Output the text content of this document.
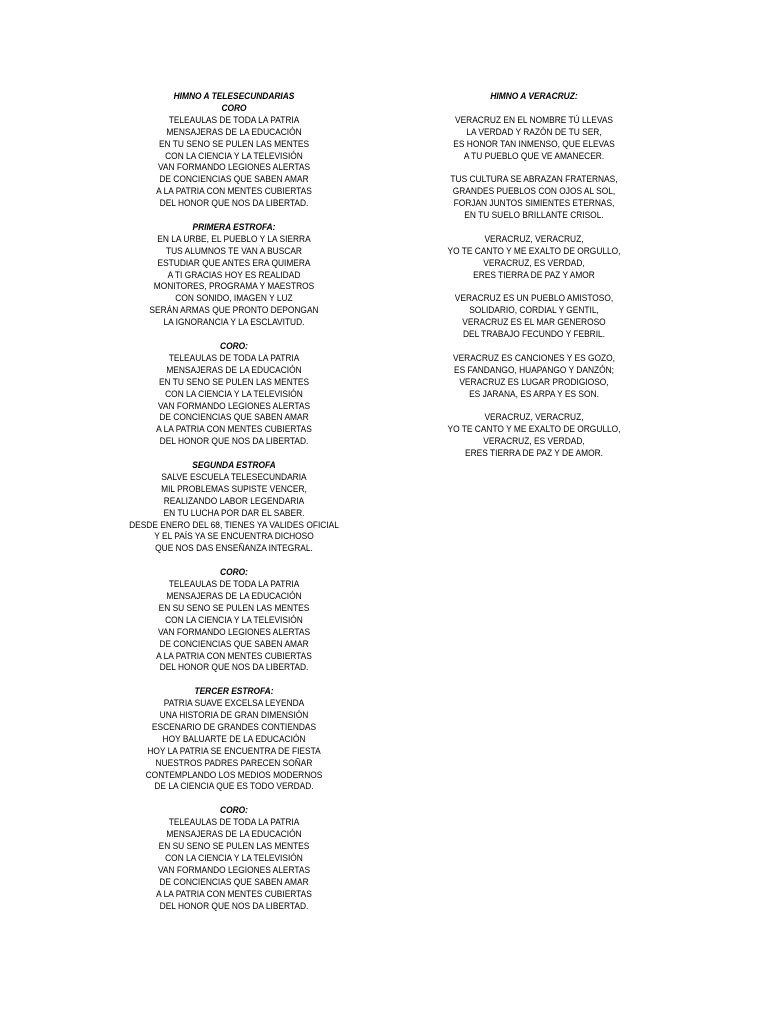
HIMNO A TELESECUNDARIAS
CORO
TELEAULAS DE TODA LA PATRIA
MENSAJERAS DE LA EDUCACIÓN
EN TU SENO SE PULEN LAS MENTES
CON LA CIENCIA Y LA TELEVISIÓN
VAN FORMANDO LEGIONES ALERTAS
DE CONCIENCIAS QUE SABEN AMAR
A LA PATRIA CON MENTES CUBIERTAS
DEL HONOR QUE NOS DA LIBERTAD.
PRIMERA ESTROFA:
EN LA URBE, EL PUEBLO Y LA SIERRA
TUS ALUMNOS TE VAN A BUSCAR
ESTUDIAR QUE ANTES ERA QUIMERA
A TI GRACIAS HOY ES REALIDAD
MONITORES, PROGRAMA Y MAESTROS
CON SONIDO, IMAGEN Y LUZ
SERÁN ARMAS QUE PRONTO DEPONGAN
LA IGNORANCIA Y LA ESCLAVITUD.
CORO:
TELEAULAS DE TODA LA PATRIA
MENSAJERAS DE LA EDUCACIÓN
EN TU SENO SE PULEN LAS MENTES
CON LA CIENCIA Y LA TELEVISIÓN
VAN FORMANDO LEGIONES ALERTAS
DE CONCIENCIAS QUE SABEN AMAR
A LA PATRIA CON MENTES CUBIERTAS
DEL HONOR QUE NOS DA LIBERTAD.
SEGUNDA ESTROFA
SALVE ESCUELA TELESECUNDARIA
MIL PROBLEMAS SUPISTE VENCER,
REALIZANDO LABOR LEGENDARIA
EN TU LUCHA POR DAR EL SABER.
DESDE ENERO DEL 68, TIENES YA VALIDES OFICIAL
Y EL PAÍS YA SE ENCUENTRA DICHOSO
QUE NOS DAS ENSEÑANZA INTEGRAL.
CORO:
TELEAULAS DE TODA LA PATRIA
MENSAJERAS DE LA EDUCACIÓN
EN SU SENO SE PULEN LAS MENTES
CON LA CIENCIA Y LA TELEVISIÓN
VAN FORMANDO LEGIONES ALERTAS
DE CONCIENCIAS QUE SABEN AMAR
A LA PATRIA CON MENTES CUBIERTAS
DEL HONOR QUE NOS DA LIBERTAD.
TERCER ESTROFA:
PATRIA SUAVE EXCELSA LEYENDA
UNA HISTORIA DE GRAN DIMENSIÓN
ESCENARIO DE GRANDES CONTIENDAS
HOY BALUARTE DE LA EDUCACIÓN
HOY LA PATRIA SE ENCUENTRA DE FIESTA
NUESTROS PADRES PARECEN SOÑAR
CONTEMPLANDO LOS MEDIOS MODERNOS
DE LA CIENCIA QUE ES TODO VERDAD.
CORO:
TELEAULAS DE TODA LA PATRIA
MENSAJERAS DE LA EDUCACIÓN
EN SU SENO SE PULEN LAS MENTES
CON LA CIENCIA Y LA TELEVISIÓN
VAN FORMANDO LEGIONES ALERTAS
DE CONCIENCIAS QUE SABEN AMAR
A LA PATRIA CON MENTES CUBIERTAS
DEL HONOR QUE NOS DA LIBERTAD.
HIMNO A VERACRUZ:
VERACRUZ EN EL NOMBRE TÚ LLEVAS
LA VERDAD Y RAZÓN DE TU SER,
ES HONOR TAN INMENSO, QUE ELEVAS
A TU PUEBLO QUE VE AMANECER.
TUS CULTURA SE ABRAZAN FRATERNAS,
GRANDES PUEBLOS CON OJOS AL SOL,
FORJAN JUNTOS SIMIENTES ETERNAS,
EN TU SUELO BRILLANTE CRISOL.
VERACRUZ, VERACRUZ,
YO TE CANTO Y ME EXALTO DE ORGULLO,
VERACRUZ, ES VERDAD,
ERES TIERRA DE PAZ Y AMOR
VERACRUZ ES UN PUEBLO AMISTOSO,
SOLIDARIO, CORDIAL Y GENTIL,
VERACRUZ ES EL MAR GENEROSO
DEL TRABAJO FECUNDO Y FEBRIL.
VERACRUZ ES CANCIONES Y ES GOZO,
ES FANDANGO, HUAPANGO Y DANZÓN;
VERACRUZ ES LUGAR PRODIGIOSO,
ES JARANA, ES ARPA Y ES SON.
VERACRUZ, VERACRUZ,
YO TE CANTO Y ME EXALTO DE ORGULLO,
VERACRUZ, ES VERDAD,
ERES TIERRA DE PAZ Y DE AMOR.
